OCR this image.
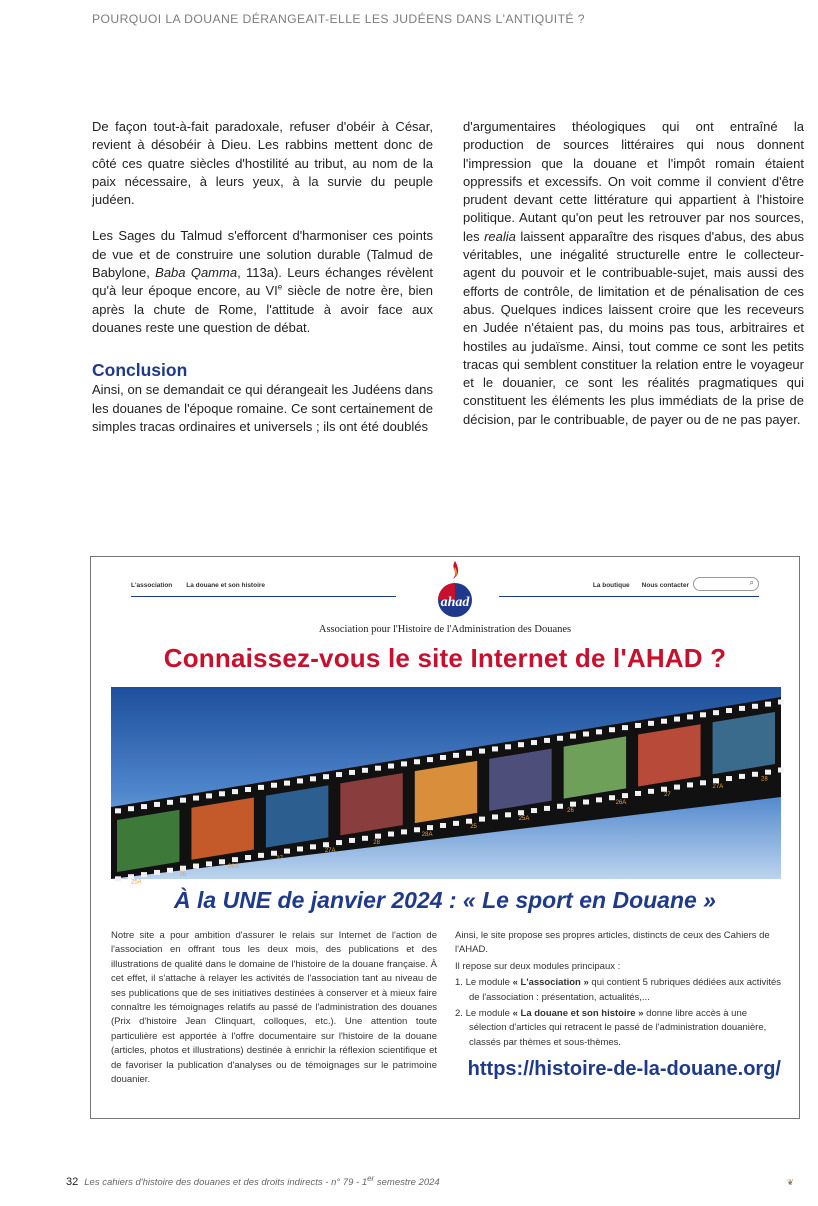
POURQUOI LA DOUANE DÉRANGEAIT-ELLE LES JUDÉENS DANS L'ANTIQUITÉ ?

De façon tout-à-fait paradoxale, refuser d'obéir à César, revient à désobéir à Dieu. Les rabbins mettent donc de côté ces quatre siècles d'hostilité au tribut, au nom de la paix nécessaire, à leurs yeux, à la survie du peuple judéen.

Les Sages du Talmud s'efforcent d'harmoniser ces points de vue et de construire une solution durable (Talmud de Babylone, Baba Qamma, 113a). Leurs échanges révèlent qu'à leur époque encore, au VIe siècle de notre ère, bien après la chute de Rome, l'attitude à avoir face aux douanes reste une question de débat.

Conclusion

Ainsi, on se demandait ce qui dérangeait les Judéens dans les douanes de l'époque romaine. Ce sont certainement de simples tracas ordinaires et universels ; ils ont été doublés

d'argumentaires théologiques qui ont entraîné la production de sources littéraires qui nous donnent l'impression que la douane et l'impôt romain étaient oppressifs et excessifs. On voit comme il convient d'être prudent devant cette littérature qui appartient à l'histoire politique. Autant qu'on peut les retrouver par nos sources, les realia laissent apparaître des risques d'abus, des abus véritables, une inégalité structurelle entre le collecteur-agent du pouvoir et le contribuable-sujet, mais aussi des efforts de contrôle, de limitation et de pénalisation de ces abus. Quelques indices laissent croire que les receveurs en Judée n'étaient pas, du moins pas tous, arbitraires et hostiles au judaïsme. Ainsi, tout comme ce sont les petits tracas qui semblent constituer la relation entre le voyageur et le douanier, ce sont les réalités pragmatiques qui constituent les éléments les plus immédiats de la prise de décision, par le contribuable, de payer ou de ne pas payer.

L'association La douane et son histoire	La boutique Nous contacter	⌕
ahad
Association pour l'Histoire de l'Administration des Douanes
Connaissez-vous le site Internet de l'AHAD ?
25A
26
26A
27
27A
28
28A
25
25A
26
26A
27
27A
28
À la UNE de janvier 2024 : « Le sport en Douane »
Notre site a pour ambition d'assurer le relais sur Internet de l'action de l'association en offrant tous les deux mois, des publications et des illustrations de qualité dans le domaine de l'histoire de la douane française. À cet effet, il s'attache à relayer les activités de l'association tant au niveau de ses publications que de ses initiatives destinées à conserver et à mieux faire connaître les témoignages relatifs au passé de l'administration des douanes (Prix d'histoire Jean Clinquart, colloques, etc.). Une attention toute particulière est apportée à l'offre documentaire sur l'histoire de la douane (articles, photos et illustrations) destinée à enrichir la réflexion scientifique et de favoriser la publication d'analyses ou de témoignages sur le patrimoine douanier.

Ainsi, le site propose ses propres articles, distincts de ceux des Cahiers de l'AHAD.

Il repose sur deux modules principaux :

1. Le module « L'association » qui contient 5 rubriques dédiées aux activités de l'association : présentation, actualités,...
2. Le module « La douane et son histoire » donne libre accès à une sélection d'articles qui retracent le passé de l'administration douanière, classés par thèmes et sous-thèmes.
https://histoire-de-la-douane.org/
32 Les cahiers d'histoire des douanes et des droits indirects - n° 79 - 1er semestre 2024	❦
